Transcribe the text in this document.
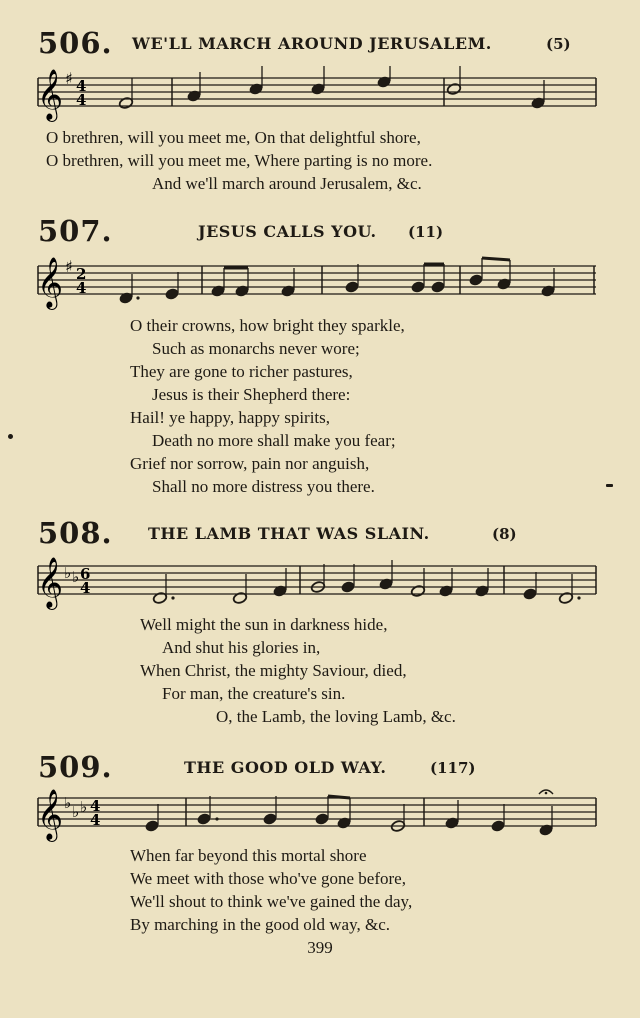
506. WE'LL MARCH AROUND JERUSALEM.	(5)
𝄞 ♯ 4
4
O brethren, will you meet me, On that delightful shore,
O brethren, will you meet me, Where parting is no more.
And we'll march around Jerusalem, &c.
507.	JESUS CALLS YOU. (11)
𝄞 ♯ 2
4
O their crowns, how bright they sparkle,
Such as monarchs never wore;
They are gone to richer pastures,
Jesus is their Shepherd there:
Hail! ye happy, happy spirits,
Death no more shall make you fear;
Grief nor sorrow, pain nor anguish,
Shall no more distress you there.
508. THE LAMB THAT WAS SLAIN.	(8)
𝄞 ♭ ♭ 6
4
Well might the sun in darkness hide,
And shut his glories in,
When Christ, the mighty Saviour, died,
For man, the creature's sin.
O, the Lamb, the loving Lamb, &c.
509.	THE GOOD OLD WAY.	(117)
𝄞 ♭ ♭ ♭ 4
4
When far beyond this mortal shore
We meet with those who've gone before,
We'll shout to think we've gained the day,
By marching in the good old way, &c.
399
